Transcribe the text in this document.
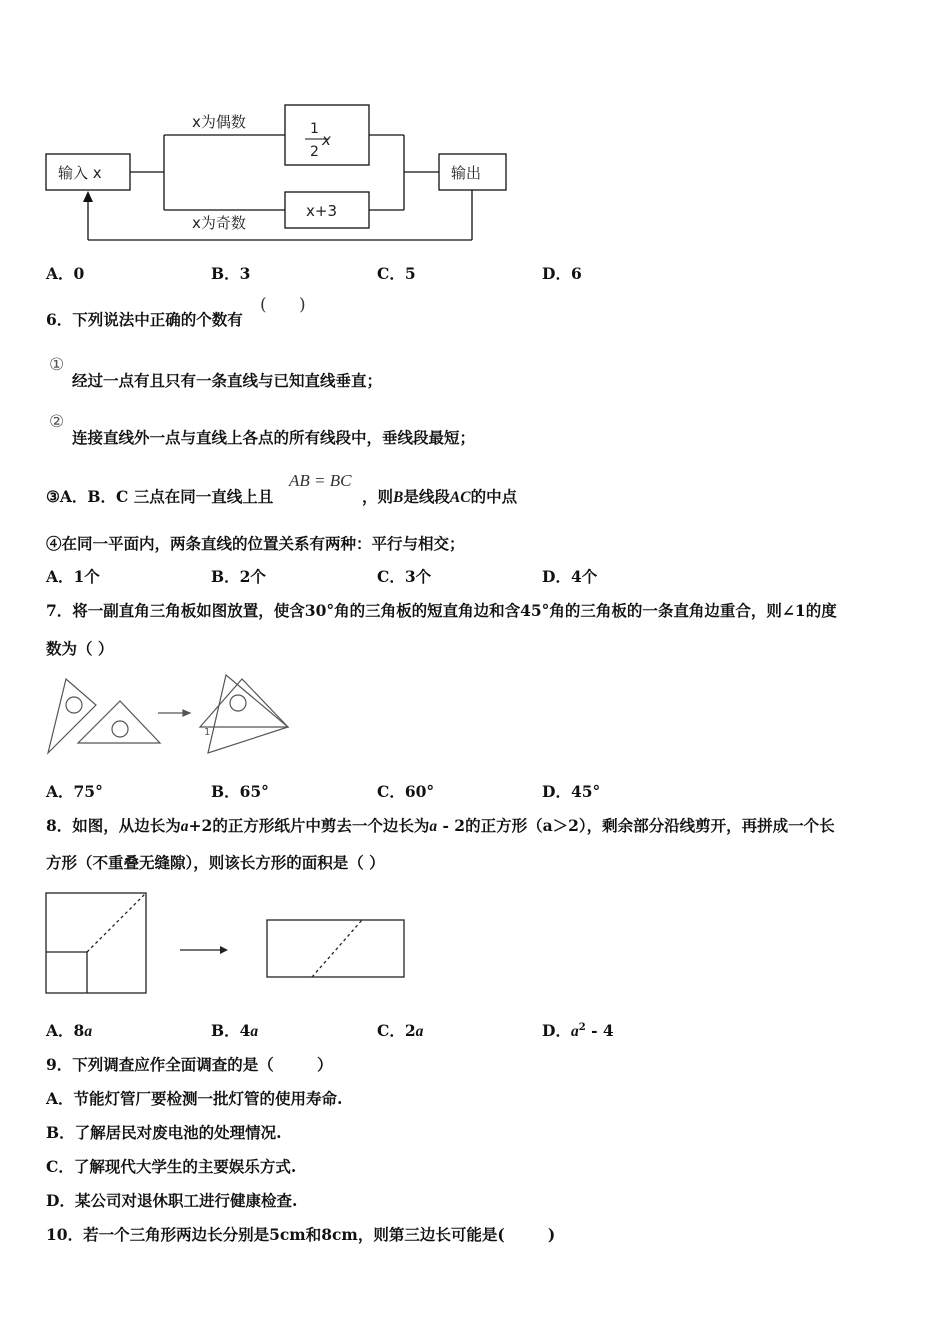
输入 x
x为偶数
x为奇数
1
2
x
x+3
输出
A．0	B．3	C．5	D．6
6．下列说法中正确的个数有
(      )
①
经过一点有且只有一条直线与已知直线垂直；
②
连接直线外一点与直线上各点的所有线段中，垂线段最短；
③A．B．C 三点在同一直线上且
AB = BC
，则B是线段AC的中点
④在同一平面内，两条直线的位置关系有两种：平行与相交；
A．1个	B．2个	C．3个	D．4个
7．将一副直角三角板如图放置，使含30°角的三角板的短直角边和含45°角的三角板的一条直角边重合，则∠1的度
数为（ ）
1
A．75°	B．65°	C．60°	D．45°
8．如图，从边长为a+2的正方形纸片中剪去一个边长为a - 2的正方形（a＞2），剩余部分沿线剪开，再拼成一个长
方形（不重叠无缝隙），则该长方形的面积是（ ）
A．8a	B．4a	C．2a	D．$a^2 - 4$
9．下列调查应作全面调查的是（        ）
A．节能灯管厂要检测一批灯管的使用寿命.
B．了解居民对废电池的处理情况.
C．了解现代大学生的主要娱乐方式.
D．某公司对退休职工进行健康检查.
10．若一个三角形两边长分别是5cm和8cm，则第三边长可能是(        )
